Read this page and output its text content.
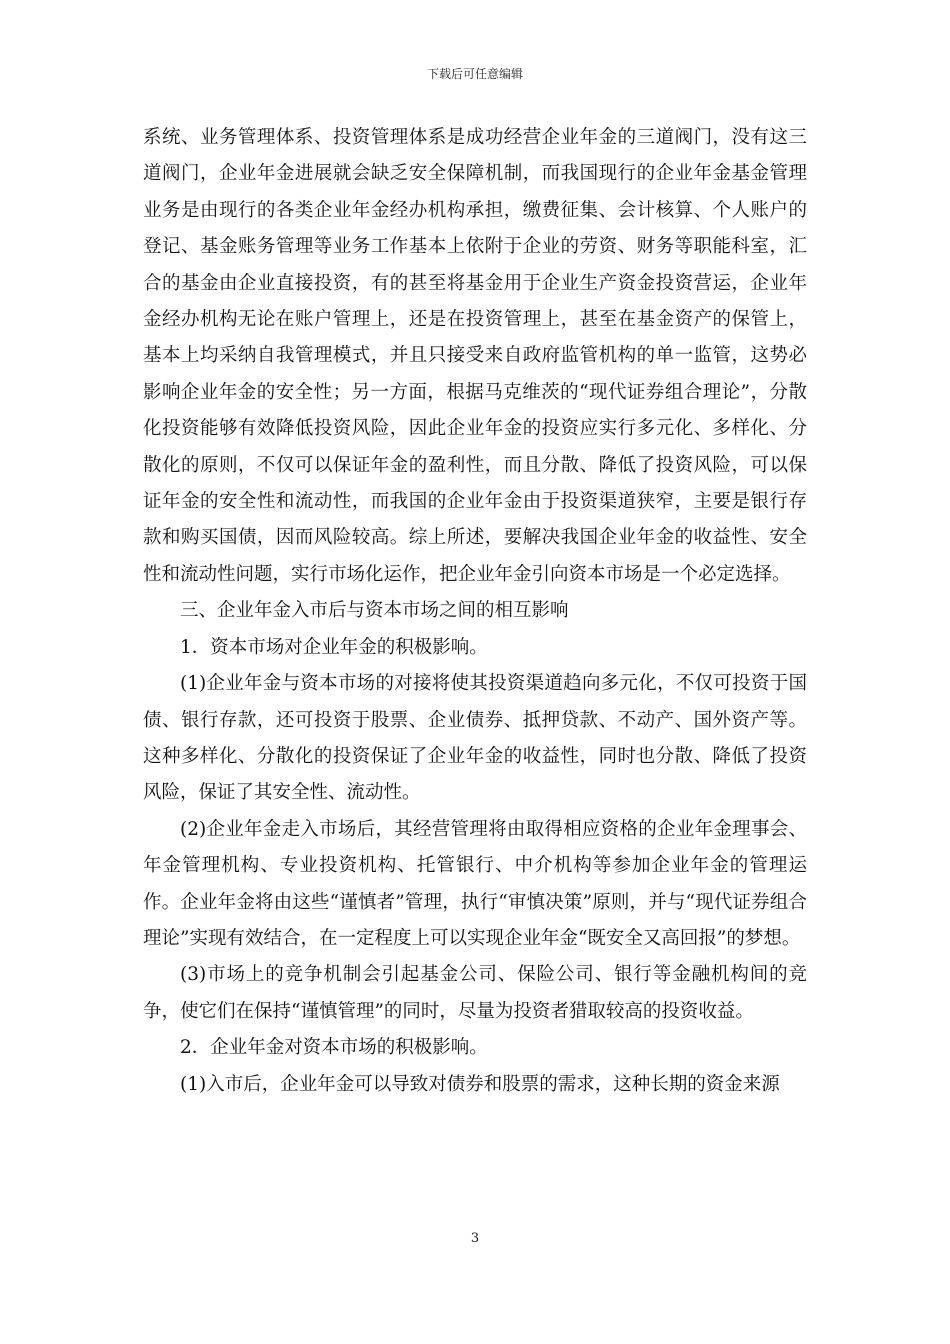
下载后可任意编辑

系统、业务管理体系、投资管理体系是成功经营企业年金的三道阀门，没有这三道阀门，企业年金进展就会缺乏安全保障机制，而我国现行的企业年金基金管理业务是由现行的各类企业年金经办机构承担，缴费征集、会计核算、个人账户的登记、基金账务管理等业务工作基本上依附于企业的劳资、财务等职能科室，汇合的基金由企业直接投资，有的甚至将基金用于企业生产资金投资营运，企业年金经办机构无论在账户管理上，还是在投资管理上，甚至在基金资产的保管上，基本上均采纳自我管理模式，并且只接受来自政府监管机构的单一监管，这势必影响企业年金的安全性；另一方面，根据马克维茨的“现代证券组合理论”，分散化投资能够有效降低投资风险，因此企业年金的投资应实行多元化、多样化、分散化的原则，不仅可以保证年金的盈利性，而且分散、降低了投资风险，可以保证年金的安全性和流动性，而我国的企业年金由于投资渠道狭窄，主要是银行存款和购买国债，因而风险较高。综上所述，要解决我国企业年金的收益性、安全性和流动性问题，实行市场化运作，把企业年金引向资本市场是一个必定选择。

三、企业年金入市后与资本市场之间的相互影响

1．资本市场对企业年金的积极影响。

(1)企业年金与资本市场的对接将使其投资渠道趋向多元化，不仅可投资于国债、银行存款，还可投资于股票、企业债券、抵押贷款、不动产、国外资产等。这种多样化、分散化的投资保证了企业年金的收益性，同时也分散、降低了投资风险，保证了其安全性、流动性。

(2)企业年金走入市场后，其经营管理将由取得相应资格的企业年金理事会、年金管理机构、专业投资机构、托管银行、中介机构等参加企业年金的管理运作。企业年金将由这些“谨慎者”管理，执行“审慎决策”原则，并与“现代证券组合理论”实现有效结合，在一定程度上可以实现企业年金“既安全又高回报”的梦想。

(3)市场上的竞争机制会引起基金公司、保险公司、银行等金融机构间的竞争，使它们在保持“谨慎管理”的同时，尽量为投资者猎取较高的投资收益。

2．企业年金对资本市场的积极影响。

(1)入市后，企业年金可以导致对债券和股票的需求，这种长期的资金来源

3
